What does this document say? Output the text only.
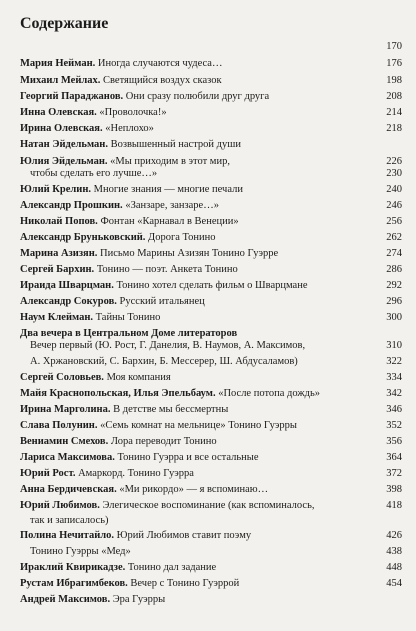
Содержание
170
Мария Нейман. Иногда случаются чудеса…	176
Михаил Мейлах. Светящийся воздух сказок	198
Георгий Параджанов. Они сразу полюбили друг друга	208
Инна Олевская. «Проволочка!»	214
Ирина Олевская. «Неплохо»	218
Натан Эйдельман. Возвышенный настрой души
Юлия Эйдельман. «Мы приходим в этот мир,	226
чтобы сделать его лучше…»	230
Юлий Крелин. Многие знания — многие печали	240
Александр Прошкин. «Занзаре, занзаре…»	246
Николай Попов. Фонтан «Карнавал в Венеции»	256
Александр Бруньковский. Дорога Тонино	262
Марина Азизян. Письмо Марины Азизян Тонино Гуэрре	274
Сергей Бархин. Тонино — поэт. Анкета Тонино	286
Ираида Шварцман. Тонино хотел сделать фильм о Шварцмане	292
Александр Сокуров. Русский итальянец	296
Наум Клейман. Тайны Тонино	300
Два вечера в Центральном Доме литераторов
Вечер первый (Ю. Рост, Г. Данелия, В. Наумов, А. Максимов,	310
А. Хржановский, С. Бархин, Б. Мессерер, Ш. Абдусаламов)	322
Сергей Соловьев. Моя компания	334
Майя Краснопольская, Илья Эпельбаум. «После потопа дождь»	342
Ирина Марголина. В детстве мы бессмертны	346
Слава Полунин. «Семь комнат на мельнице» Тонино Гуэрры	352
Вениамин Смехов. Лора переводит Тонино	356
Лариса Максимова. Тонино Гуэрра и все остальные	364
Юрий Рост. Амаркорд. Тонино Гуэрра	372
Анна Бердичевская. «Ми рикордо» — я вспоминаю…	398
Юрий Любимов. Элегическое воспоминание (как вспоминалось,	418
так и записалось)
Полина Нечитайло. Юрий Любимов ставит поэму	426
Тонино Гуэрры «Мед»	438
Ираклий Квирикадзе. Тонино дал задание	448
Рустам Ибрагимбеков. Вечер с Тонино Гуэррой	454
Андрей Максимов. Эра Гуэрры
